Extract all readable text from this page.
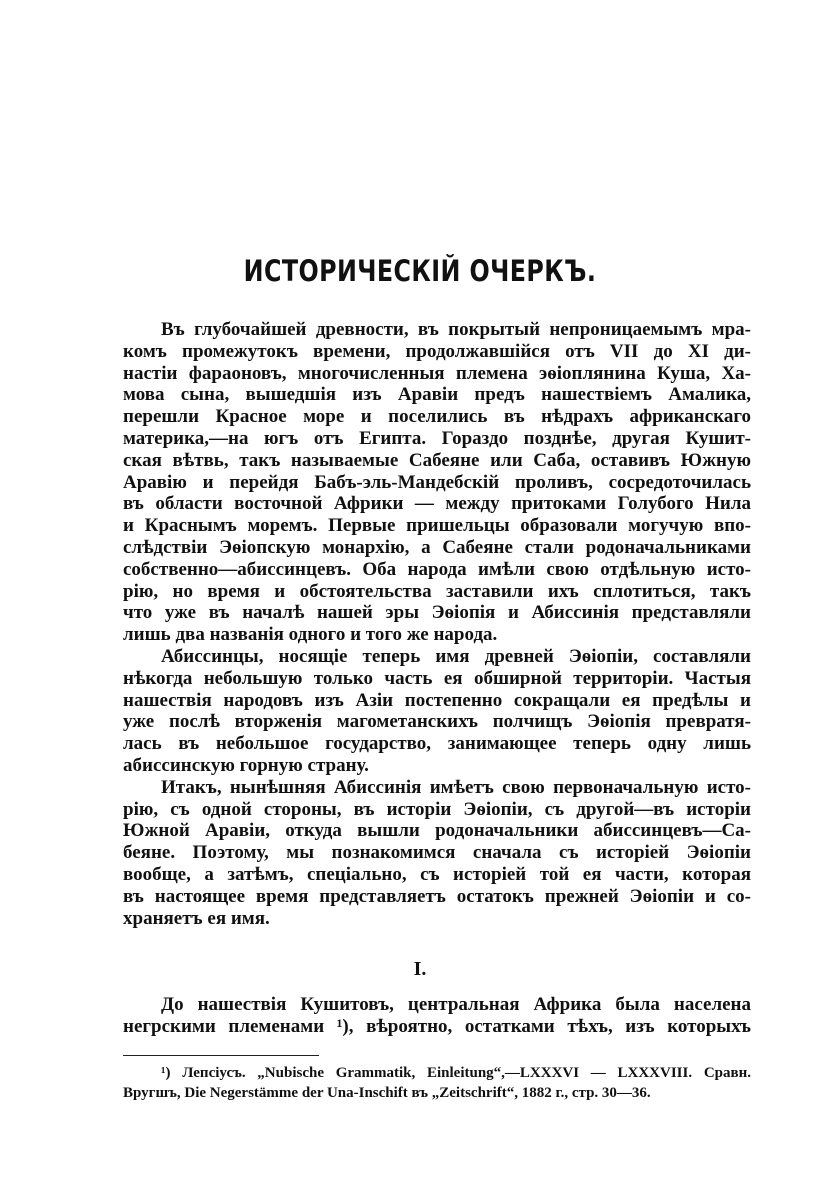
ИСТОРИЧЕСКІЙ ОЧЕРКЪ.
Въ глубочайшей древности, въ покрытый непроницаемымъ мра-
комъ промежутокъ времени, продолжавшійся отъ VII до XI ди-
настіи фараоновъ, многочисленныя племена эѳіоплянина Куша, Ха-
мова сына, вышедшія изъ Аравіи предъ нашествіемъ Амалика,
перешли Красное море и поселились въ нѣдрахъ африканскаго
материка,—на югъ отъ Египта. Гораздо позднѣе, другая Кушит-
ская вѣтвь, такъ называемые Сабеяне или Саба, оставивъ Южную
Аравію и перейдя Бабъ-эль-Мандебскій проливъ, сосредоточилась
въ области восточной Африки — между притоками Голубого Нила
и Краснымъ моремъ. Первые пришельцы образовали могучую впо-
слѣдствіи Эѳіопскую монархію, а Сабеяне стали родоначальниками
собственно—абиссинцевъ. Оба народа имѣли свою отдѣльную исто-
рію, но время и обстоятельства заставили ихъ сплотиться, такъ
что уже въ началѣ нашей эры Эѳіопія и Абиссинія представляли
лишь два названія одного и того же народа.
Абиссинцы, носящіе теперь имя древней Эѳіопіи, составляли
нѣкогда небольшую только часть ея обширной территоріи. Частыя
нашествія народовъ изъ Азіи постепенно сокращали ея предѣлы и
уже послѣ вторженія магометанскихъ полчищъ Эѳіопія превратя-
лась въ небольшое государство, занимающее теперь одну лишь
абиссинскую горную страну.
Итакъ, нынѣшняя Абиссинія имѣетъ свою первоначальную исто-
рію, съ одной стороны, въ исторіи Эѳіопіи, съ другой—въ исторіи
Южной Аравіи, откуда вышли родоначальники абиссинцевъ—Са-
беяне. Поэтому, мы познакомимся сначала съ исторіей Эѳіопіи
вообще, а затѣмъ, спеціально, съ исторіей той ея части, которая
въ настоящее время представляетъ остатокъ прежней Эѳіопіи и со-
храняетъ ея имя.
I.
До нашествія Кушитовъ, центральная Африка была населена
негрскими племенами ¹), вѣроятно, остатками тѣхъ, изъ которыхъ
¹) Лепсіусъ. „Nubische Grammatik, Einleitung“,—LXXXVI — LXXXVIII. Сравн.
Вругшъ, Die Negerstämme der Una-Inschift въ „Zeitschrift“, 1882 г., стр. 30—36.
